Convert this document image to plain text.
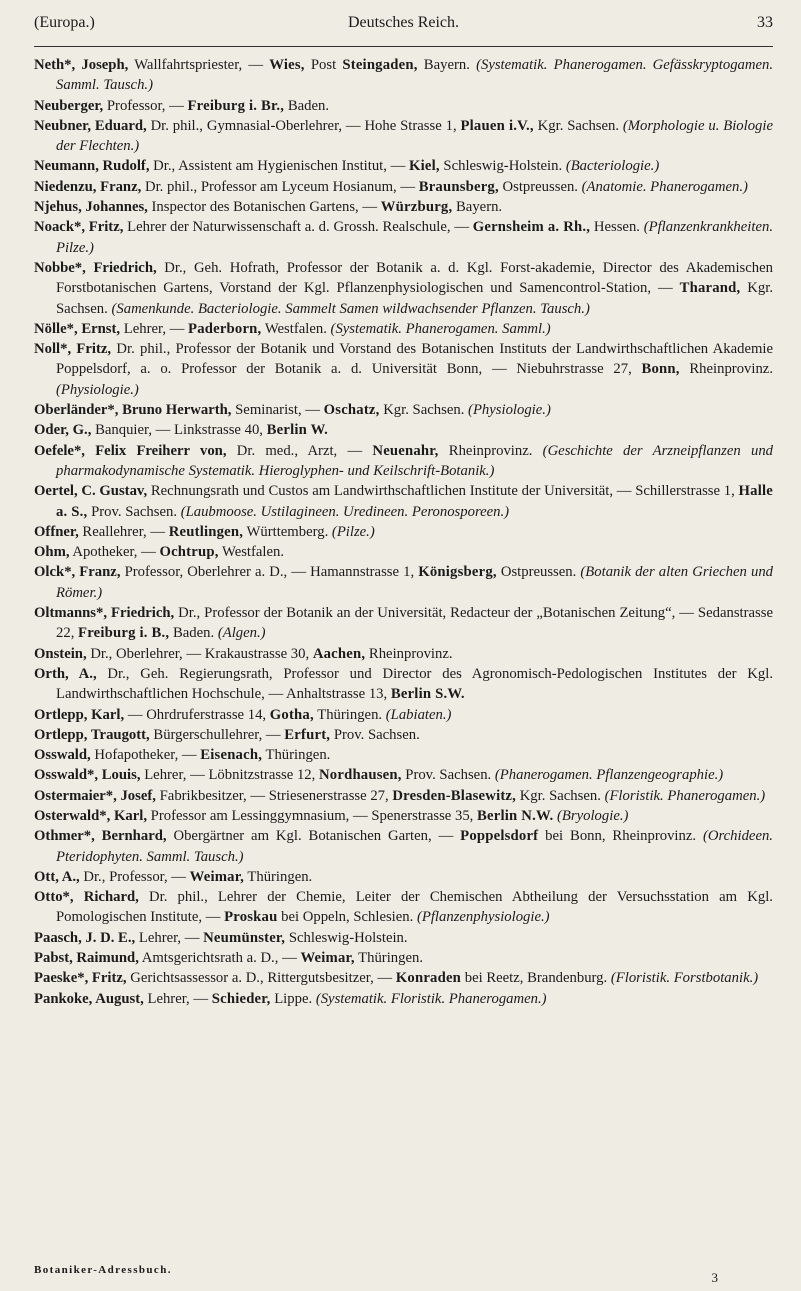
(Europa.)	Deutsches Reich.	33

Neth*, Joseph, Wallfahrtspriester, — Wies, Post Steingaden, Bayern. (Systematik. Phanerogamen. Gefässkryptogamen. Samml. Tausch.)

Neuberger, Professor, — Freiburg i. Br., Baden.

Neubner, Eduard, Dr. phil., Gymnasial-Oberlehrer, — Hohe Strasse 1, Plauen i.V., Kgr. Sachsen. (Morphologie u. Biologie der Flechten.)

Neumann, Rudolf, Dr., Assistent am Hygienischen Institut, — Kiel, Schleswig-Holstein. (Bacteriologie.)

Niedenzu, Franz, Dr. phil., Professor am Lyceum Hosianum, — Braunsberg, Ostpreussen. (Anatomie. Phanerogamen.)

Njehus, Johannes, Inspector des Botanischen Gartens, — Würzburg, Bayern.

Noack*, Fritz, Lehrer der Naturwissenschaft a. d. Grossh. Realschule, — Gernsheim a. Rh., Hessen. (Pflanzenkrankheiten. Pilze.)

Nobbe*, Friedrich, Dr., Geh. Hofrath, Professor der Botanik a. d. Kgl. Forst-akademie, Director des Akademischen Forstbotanischen Gartens, Vorstand der Kgl. Pflanzenphysiologischen und Samencontrol-Station, — Tharand, Kgr. Sachsen. (Samenkunde. Bacteriologie. Sammelt Samen wildwachsender Pflanzen. Tausch.)

Nölle*, Ernst, Lehrer, — Paderborn, Westfalen. (Systematik. Phanerogamen. Samml.)

Noll*, Fritz, Dr. phil., Professor der Botanik und Vorstand des Botanischen Instituts der Landwirthschaftlichen Akademie Poppelsdorf, a. o. Professor der Botanik a. d. Universität Bonn, — Niebuhrstrasse 27, Bonn, Rheinprovinz. (Physiologie.)

Oberländer*, Bruno Herwarth, Seminarist, — Oschatz, Kgr. Sachsen. (Physiologie.)

Oder, G., Banquier, — Linkstrasse 40, Berlin W.

Oefele*, Felix Freiherr von, Dr. med., Arzt, — Neuenahr, Rheinprovinz. (Geschichte der Arzneipflanzen und pharmakodynamische Systematik. Hieroglyphen- und Keilschrift-Botanik.)

Oertel, C. Gustav, Rechnungsrath und Custos am Landwirthschaftlichen Institute der Universität, — Schillerstrasse 1, Halle a. S., Prov. Sachsen. (Laubmoose. Ustilagineen. Uredineen. Peronosporeen.)

Offner, Reallehrer, — Reutlingen, Württemberg. (Pilze.)

Ohm, Apotheker, — Ochtrup, Westfalen.

Olck*, Franz, Professor, Oberlehrer a. D., — Hamannstrasse 1, Königsberg, Ostpreussen. (Botanik der alten Griechen und Römer.)

Oltmanns*, Friedrich, Dr., Professor der Botanik an der Universität, Redacteur der „Botanischen Zeitung“, — Sedanstrasse 22, Freiburg i. B., Baden. (Algen.)

Onstein, Dr., Oberlehrer, — Krakaustrasse 30, Aachen, Rheinprovinz.

Orth, A., Dr., Geh. Regierungsrath, Professor und Director des Agronomisch-Pedologischen Institutes der Kgl. Landwirthschaftlichen Hochschule, — Anhaltstrasse 13, Berlin S.W.

Ortlepp, Karl, — Ohrdruferstrasse 14, Gotha, Thüringen. (Labiaten.)

Ortlepp, Traugott, Bürgerschullehrer, — Erfurt, Prov. Sachsen.

Osswald, Hofapotheker, — Eisenach, Thüringen.

Osswald*, Louis, Lehrer, — Löbnitzstrasse 12, Nordhausen, Prov. Sachsen. (Phanerogamen. Pflanzengeographie.)

Ostermaier*, Josef, Fabrikbesitzer, — Striesenerstrasse 27, Dresden-Blasewitz, Kgr. Sachsen. (Floristik. Phanerogamen.)

Osterwald*, Karl, Professor am Lessinggymnasium, — Spenerstrasse 35, Berlin N.W. (Bryologie.)

Othmer*, Bernhard, Obergärtner am Kgl. Botanischen Garten, — Poppelsdorf bei Bonn, Rheinprovinz. (Orchideen. Pteridophyten. Samml. Tausch.)

Ott, A., Dr., Professor, — Weimar, Thüringen.

Otto*, Richard, Dr. phil., Lehrer der Chemie, Leiter der Chemischen Abtheilung der Versuchsstation am Kgl. Pomologischen Institute, — Proskau bei Oppeln, Schlesien. (Pflanzenphysiologie.)

Paasch, J. D. E., Lehrer, — Neumünster, Schleswig-Holstein.

Pabst, Raimund, Amtsgerichtsrath a. D., — Weimar, Thüringen.

Paeske*, Fritz, Gerichtsassessor a. D., Rittergutsbesitzer, — Konraden bei Reetz, Brandenburg. (Floristik. Forstbotanik.)

Pankoke, August, Lehrer, — Schieder, Lippe. (Systematik. Floristik. Phanerogamen.)

Botaniker-Adressbuch.	3
